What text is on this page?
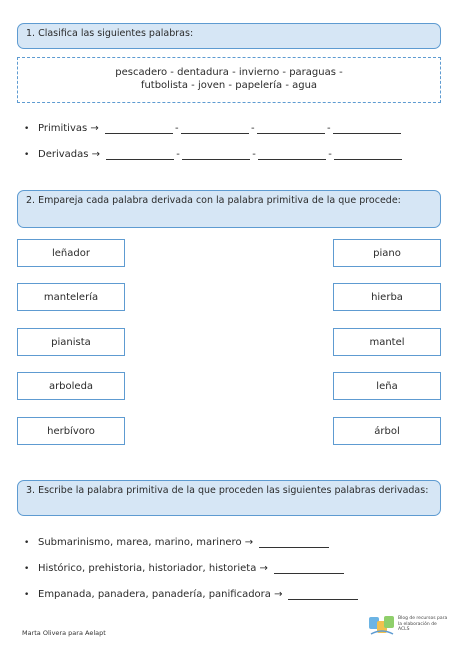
1. Clasifica las siguientes palabras:
pescadero - dentadura - invierno - paraguas -
futbolista - joven - papelería - agua
• Primitivas →	-	-	-
• Derivadas →	-	-	-
2. Empareja cada palabra derivada con la palabra primitiva de la que procede:
leñador
mantelería
pianista
arboleda
herbívoro
piano
hierba
mantel
leña
árbol
3. Escribe la palabra primitiva de la que proceden las siguientes palabras derivadas:
• Submarinismo, marea, marino, marinero →
• Histórico, prehistoria, historiador, historieta →
• Empanada, panadera, panadería, panificadora →
Marta Olivera para Aelapt
Blog de recursos para la elaboración de ACLS
